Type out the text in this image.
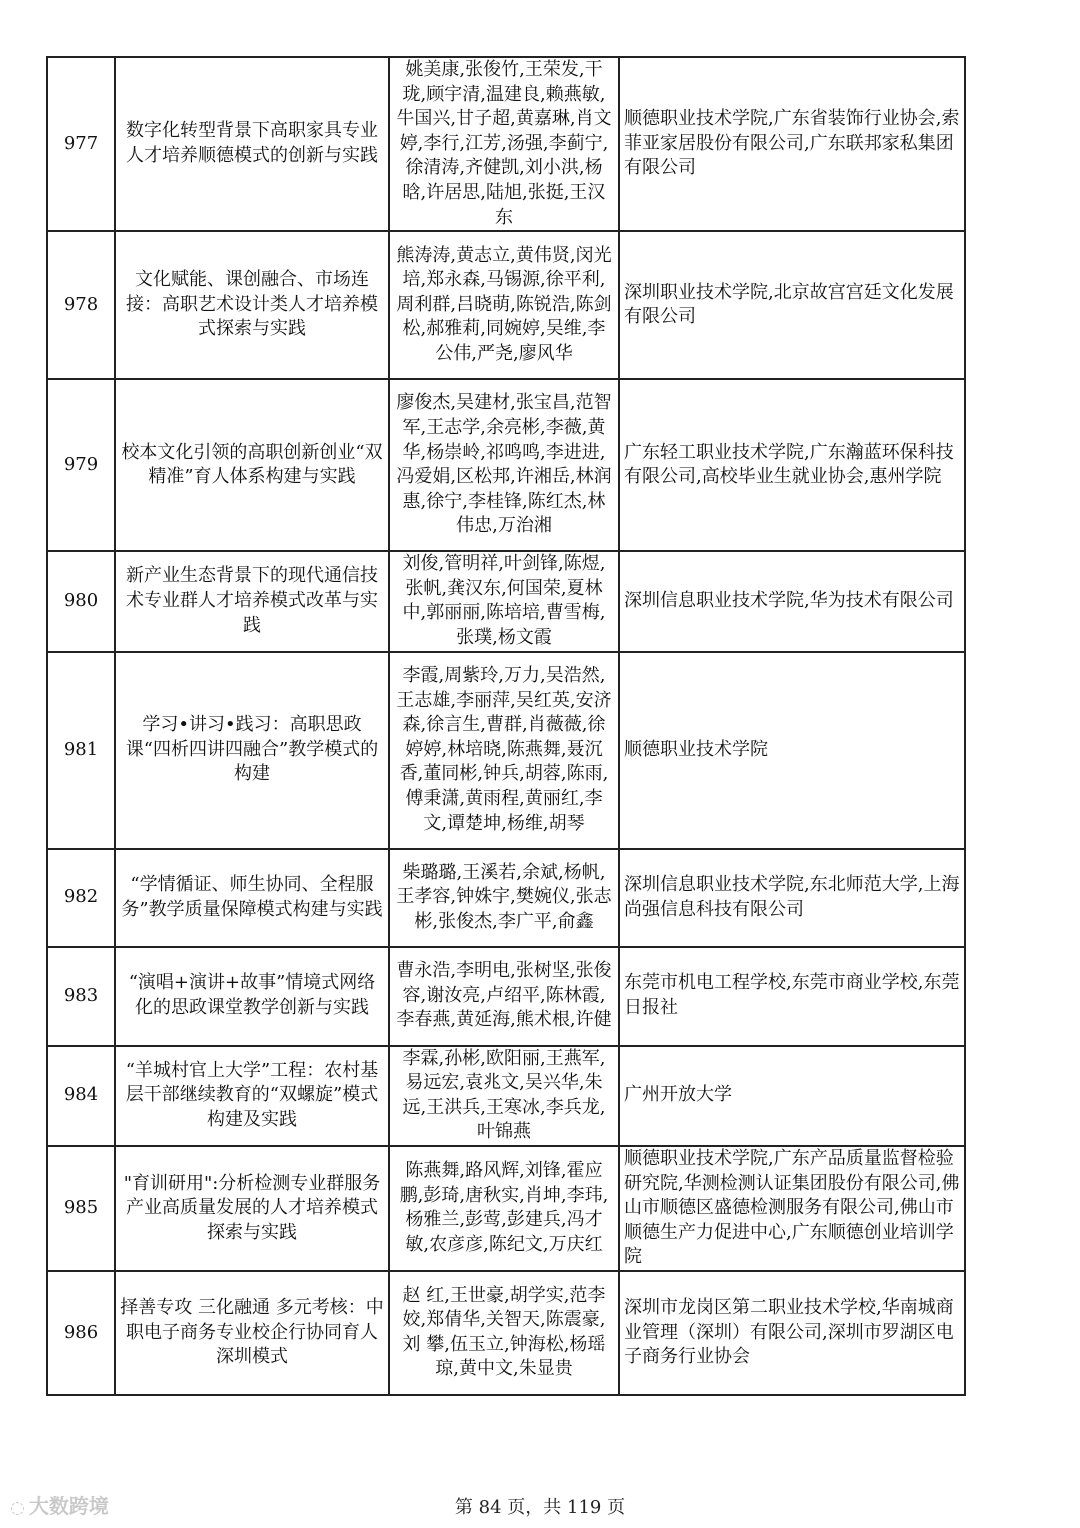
977	数字化转型背景下高职家具专业人才培养顺德模式的创新与实践	姚美康,张俊竹,王荣发,干珑,顾宇清,温建良,赖燕敏,牛国兴,甘子超,黄嘉琳,肖文婷,李行,江芳,汤强,李蓟宁,徐清涛,齐健凯,刘小洪,杨晗,许居思,陆旭,张挺,王汉东	顺德职业技术学院,广东省装饰行业协会,索菲亚家居股份有限公司,广东联邦家私集团有限公司
978	文化赋能、课创融合、市场连接：高职艺术设计类人才培养模式探索与实践	熊涛涛,黄志立,黄伟贤,闵光培,郑永森,马锡源,徐平利,周利群,吕晓萌,陈锐浩,陈剑松,郝雅莉,同婉婷,吴维,李公伟,严尧,廖风华	深圳职业技术学院,北京故宫宫廷文化发展有限公司
979	校本文化引领的高职创新创业“双精准”育人体系构建与实践	廖俊杰,吴建材,张宝昌,范智军,王志学,余亮彬,李薇,黄华,杨崇岭,祁鸣鸣,李进进,冯爱娟,区松邦,许湘岳,林润惠,徐宁,李桂锋,陈红杰,林伟忠,万治湘	广东轻工职业技术学院,广东瀚蓝环保科技有限公司,高校毕业生就业协会,惠州学院
980	新产业生态背景下的现代通信技术专业群人才培养模式改革与实践	刘俊,管明祥,叶剑锋,陈煜,张帆,龚汉东,何国荣,夏林中,郭丽丽,陈培培,曹雪梅,张璞,杨文霞	深圳信息职业技术学院,华为技术有限公司
981	学习•讲习•践习：高职思政课“四析四讲四融合”教学模式的构建	李霞,周紫玲,万力,吴浩然,王志雄,李丽萍,吴红英,安济森,徐言生,曹群,肖薇薇,徐婷婷,林培晓,陈燕舞,聂沉香,董同彬,钟兵,胡蓉,陈雨,傅秉潇,黄雨程,黄丽红,李文,谭楚坤,杨维,胡琴	顺德职业技术学院
982	“学情循证、师生协同、全程服务”教学质量保障模式构建与实践	柴璐璐,王溪若,余斌,杨帆,王孝容,钟姝宇,樊婉仪,张志彬,张俊杰,李广平,俞鑫	深圳信息职业技术学院,东北师范大学,上海尚强信息科技有限公司
983	“演唱+演讲+故事”情境式网络化的思政课堂教学创新与实践	曹永浩,李明电,张树坚,张俊容,谢汝亮,卢绍平,陈林霞,李春燕,黄延海,熊术根,许健	东莞市机电工程学校,东莞市商业学校,东莞日报社
984	“羊城村官上大学”工程：农村基层干部继续教育的“双螺旋”模式构建及实践	李霖,孙彬,欧阳丽,王燕军,易远宏,袁兆文,吴兴华,朱远,王洪兵,王寒冰,李兵龙,叶锦燕	广州开放大学
985	"育训研用":分析检测专业群服务产业高质量发展的人才培养模式探索与实践	陈燕舞,路风辉,刘锋,霍应鹏,彭琦,唐秋实,肖坤,李玮,杨雅兰,彭莺,彭建兵,冯才敏,农彦彦,陈纪文,万庆红	顺德职业技术学院,广东产品质量监督检验研究院,华测检测认证集团股份有限公司,佛山市顺德区盛德检测服务有限公司,佛山市顺德生产力促进中心,广东顺德创业培训学院
986	择善专攻 三化融通 多元考核：中职电子商务专业校企行协同育人深圳模式	赵 红,王世豪,胡学实,范李姣,郑倩华,关智天,陈震豪,刘 攀,伍玉立,钟海松,杨瑶琼,黄中文,朱显贵	深圳市龙岗区第二职业技术学校,华南城商业管理（深圳）有限公司,深圳市罗湖区电子商务行业协会
◌ 大数跨境	第 84 页，共 119 页
